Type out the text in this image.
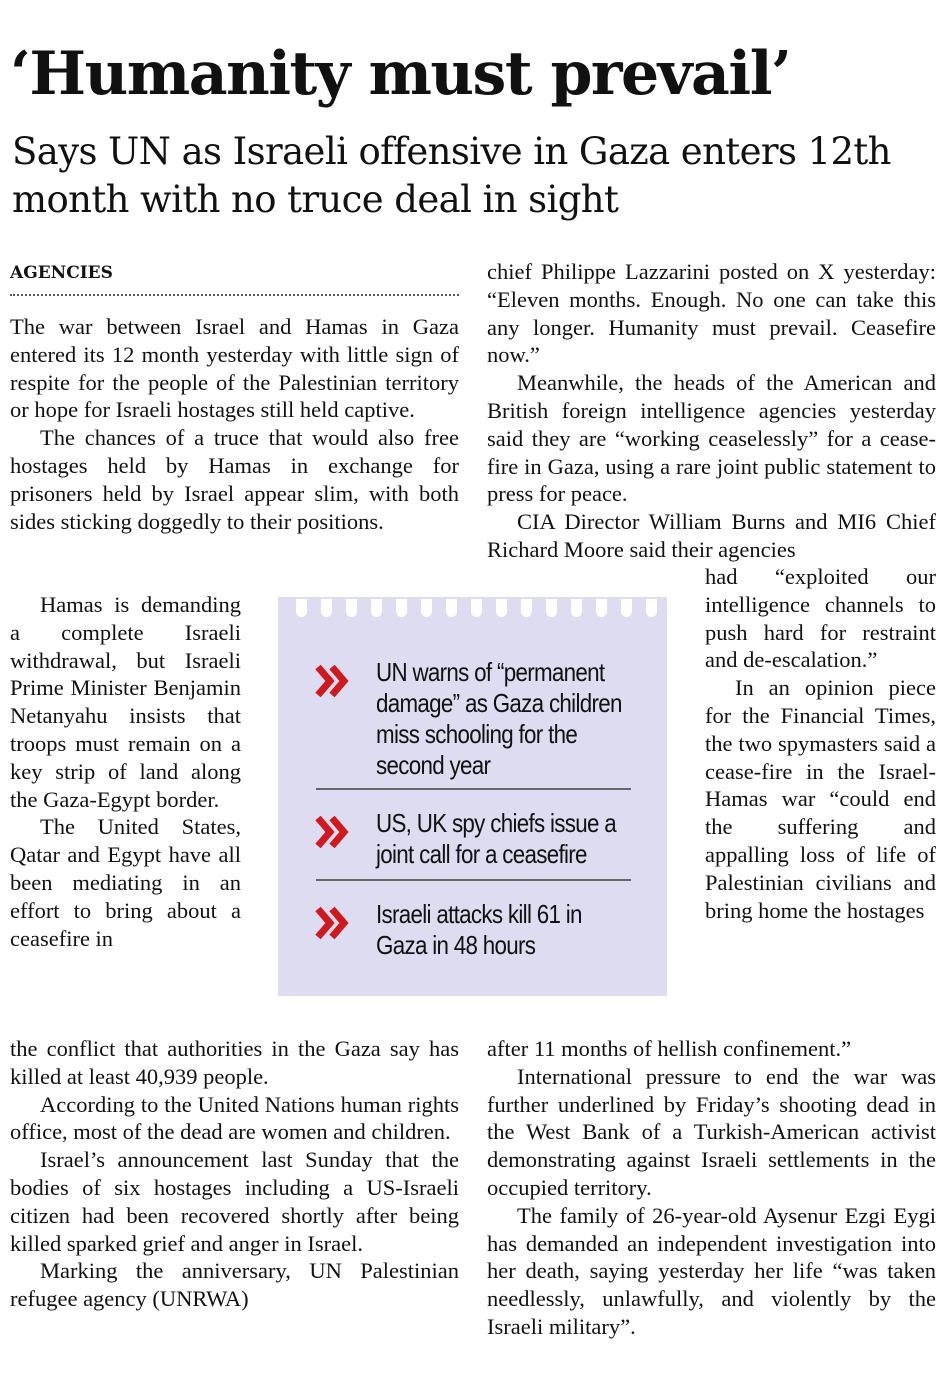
‘Humanity must prevail’
Says UN as Israeli offensive in Gaza enters 12th month with no truce deal in sight
AGENCIES

The war between Israel and Hamas in Gaza entered its 12 month yesterday with little sign of respite for the people of the Palestinian territory or hope for Israeli hostages still held captive.

The chances of a truce that would also free hostages held by Hamas in exchange for prisoners held by Israel appear slim, with both sides sticking doggedly to their positions.

Hamas is demanding a complete Israeli withdrawal, but Israeli Prime Minister Benjamin Netanyahu insists that troops must remain on a key strip of land along the Gaza-Egypt border.

The United States, Qatar and Egypt have all been mediating in an effort to bring about a ceasefire in

the conflict that authorities in the Gaza say has killed at least 40,939 people.

According to the United Nations human rights office, most of the dead are women and children.

Israel’s announcement last Sunday that the bodies of six hostages including a US-Israeli citizen had been recovered shortly after being killed sparked grief and anger in Israel.

Marking the anniversary, UN Palestinian refugee agency (UNRWA)

chief Philippe Lazzarini posted on X yesterday: “Eleven months. Enough. No one can take this any longer. Humanity must prevail. Ceasefire now.”

Meanwhile, the heads of the American and British foreign intelligence agencies yesterday said they are “working ceaselessly” for a cease-fire in Gaza, using a rare joint public statement to press for peace.

CIA Director William Burns and MI6 Chief Richard Moore said their agencies

had “exploited our intelligence channels to push hard for restraint and de-escalation.”

In an opinion piece for the Financial Times, the two spymasters said a cease-fire in the Israel-Hamas war “could end the suffering and appalling loss of life of Palestinian civilians and bring home the hostages

after 11 months of hellish confinement.”

International pressure to end the war was further underlined by Friday’s shooting dead in the West Bank of a Turkish-American activist demonstrating against Israeli settlements in the occupied territory.

The family of 26-year-old Aysenur Ezgi Eygi has demanded an independent investigation into her death, saying yesterday her life “was taken needlessly, unlawfully, and violently by the Israeli military”.

UN warns of “permanent damage” as Gaza children miss schooling for the second year
US, UK spy chiefs issue a joint call for a ceasefire
Israeli attacks kill 61 in Gaza in 48 hours
